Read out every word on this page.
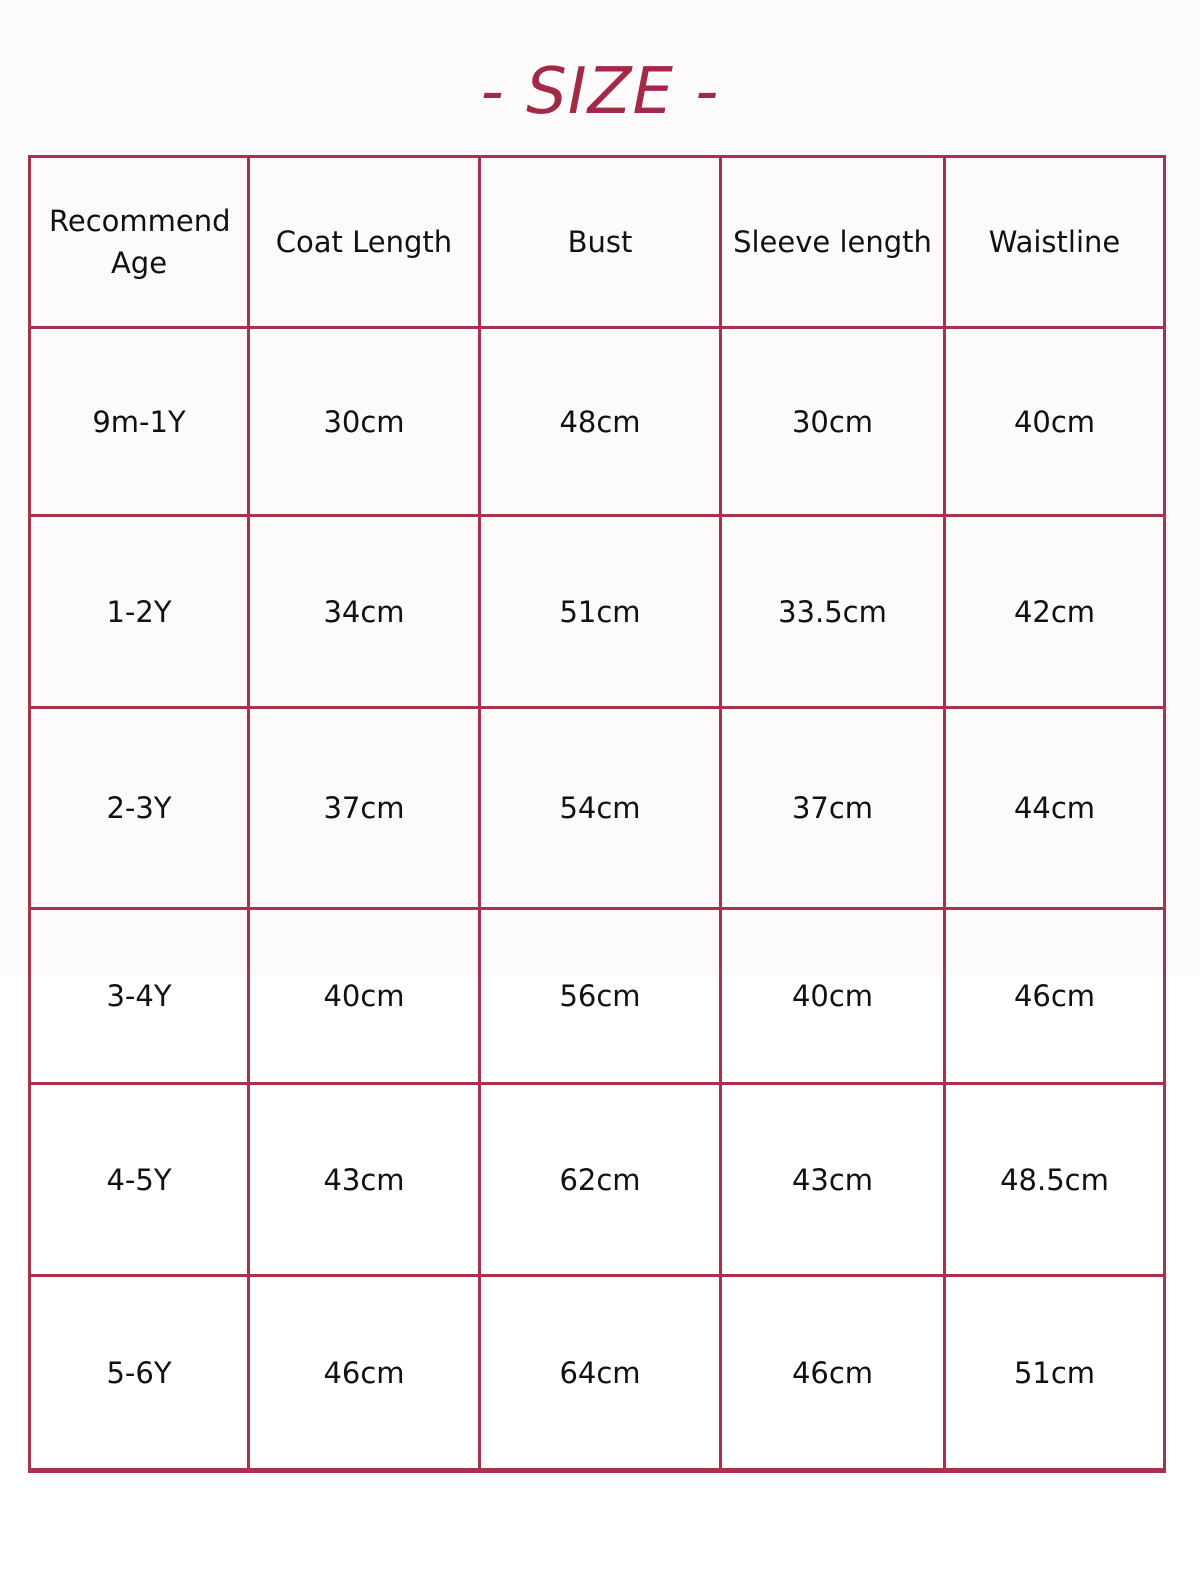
- SIZE -
Recommend Age	Coat Length	Bust	Sleeve length	Waistline
9m-1Y	30cm	48cm	30cm	40cm
1-2Y	34cm	51cm	33.5cm	42cm
2-3Y	37cm	54cm	37cm	44cm
3-4Y	40cm	56cm	40cm	46cm
4-5Y	43cm	62cm	43cm	48.5cm
5-6Y	46cm	64cm	46cm	51cm
